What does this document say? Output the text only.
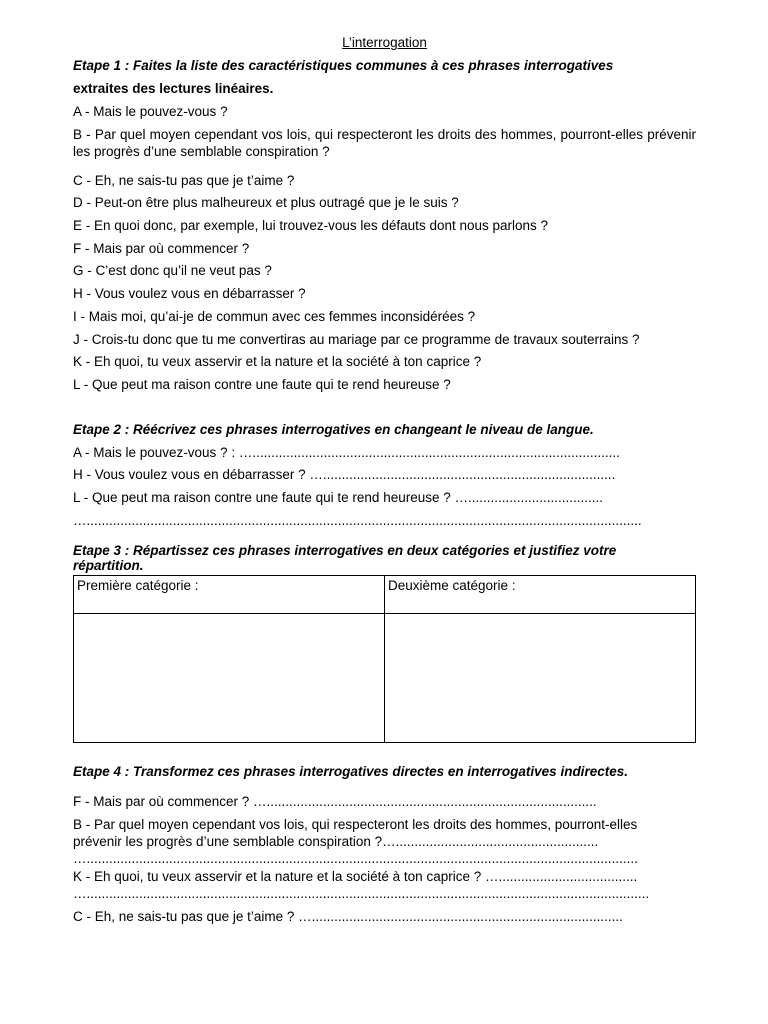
L’interrogation

Etape 1 : Faites la liste des caractéristiques communes à ces phrases interrogatives

extraites des lectures linéaires.

A - Mais le pouvez-vous ?

B - Par quel moyen cependant vos lois, qui respecteront les droits des hommes, pourront-elles prévenir les progrès d’une semblable conspiration ?

C - Eh, ne sais-tu pas que je t’aime ?

D - Peut-on être plus malheureux et plus outragé que je le suis ?

E - En quoi donc, par exemple, lui trouvez-vous les défauts dont nous parlons ?

F - Mais par où commencer ?

G - C’est donc qu’il ne veut pas ?

H - Vous voulez vous en débarrasser ?

I - Mais moi, qu’ai-je de commun avec ces femmes inconsidérées ?

J - Crois-tu donc que tu me convertiras au mariage par ce programme de travaux souterrains ?

K - Eh quoi, tu veux asservir et la nature et la société à ton caprice ?

L - Que peut ma raison contre une faute qui te rend heureuse ?

Etape 2 : Réécrivez ces phrases interrogatives en changeant le niveau de langue.

A - Mais le pouvez-vous ? : …..................................................................................................

H - Vous voulez vous en débarrasser ? …..............................................................................

L - Que peut ma raison contre une faute qui te rend heureuse ? …....................................

…....................................................................................................................................................

Etape 3 : Répartissez ces phrases interrogatives en deux catégories et justifiez votre

répartition.

Première catégorie :	Deuxième catégorie :

Etape 4 : Transformez ces phrases interrogatives directes en interrogatives indirectes.

F - Mais par où commencer ? …........................................................................................

B - Par quel moyen cependant vos lois, qui respecteront les droits des hommes, pourront-elles

prévenir les progrès d’une semblable conspiration ?…......................................................

…...................................................................................................................................................

K - Eh quoi, tu veux asservir et la nature et la société à ton caprice ? ….....................................

…......................................................................................................................................................

C - Eh, ne sais-tu pas que je t’aime ? …...................................................................................
